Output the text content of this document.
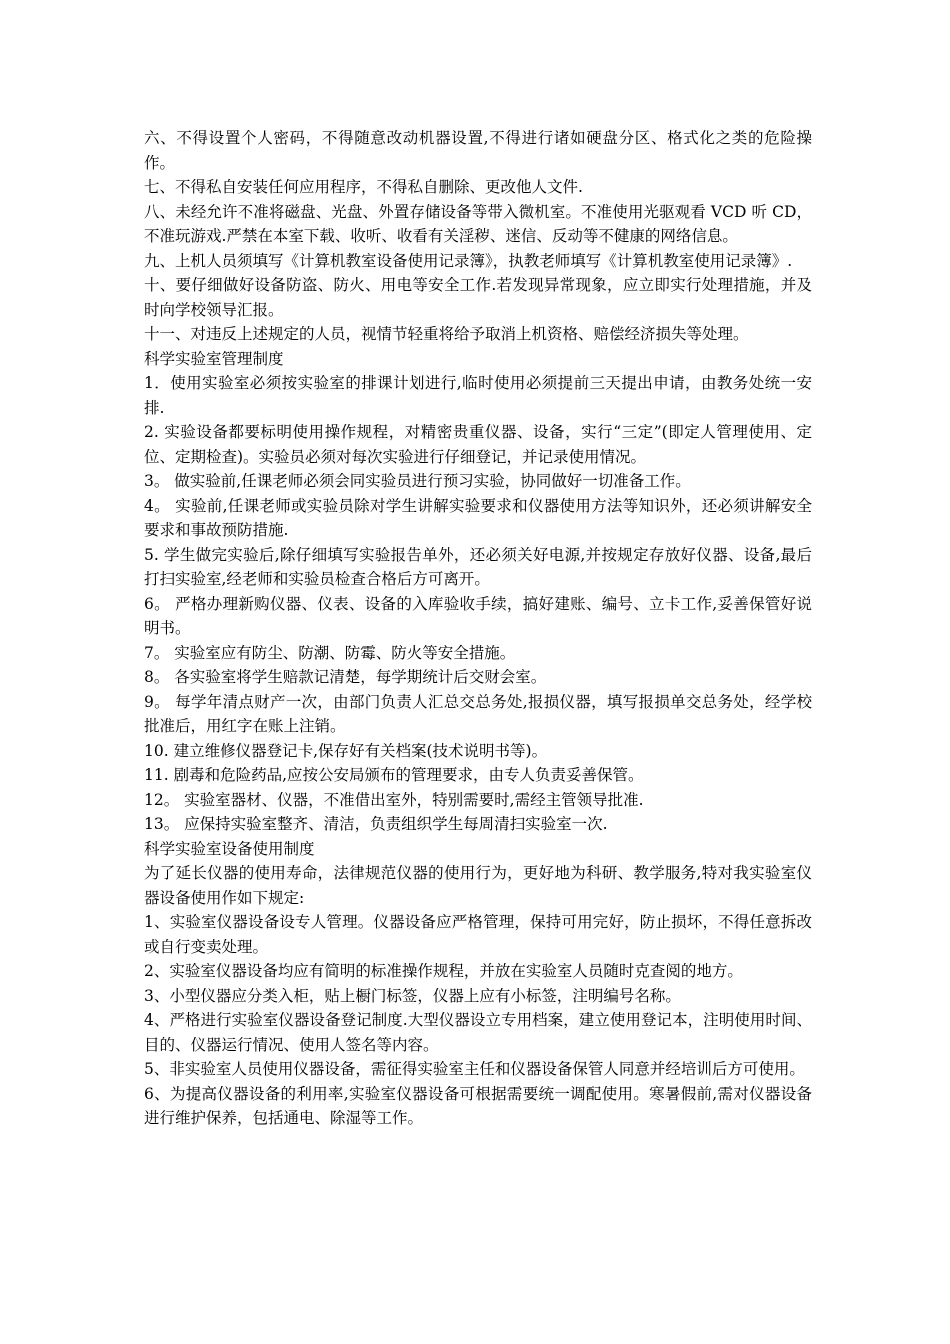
六、不得设置个人密码，不得随意改动机器设置,不得进行诸如硬盘分区、格式化之类的危险操作。

七、不得私自安装任何应用程序，不得私自删除、更改他人文件.

八、未经允许不准将磁盘、光盘、外置存储设备等带入微机室。不准使用光驱观看 VCD 听 CD，不准玩游戏.严禁在本室下载、收听、收看有关淫秽、迷信、反动等不健康的网络信息。

九、上机人员须填写《计算机教室设备使用记录簿》，执教老师填写《计算机教室使用记录簿》.

十、要仔细做好设备防盗、防火、用电等安全工作.若发现异常现象，应立即实行处理措施，并及时向学校领导汇报。

十一、对违反上述规定的人员，视情节轻重将给予取消上机资格、赔偿经济损失等处理。

科学实验室管理制度

1．使用实验室必须按实验室的排课计划进行,临时使用必须提前三天提出申请，由教务处统一安排.

2. 实验设备都要标明使用操作规程，对精密贵重仪器、设备，实行“三定”(即定人管理使用、定位、定期检查)。实验员必须对每次实验进行仔细登记，并记录使用情况。

3。 做实验前,任课老师必须会同实验员进行预习实验，协同做好一切准备工作。

4。 实验前,任课老师或实验员除对学生讲解实验要求和仪器使用方法等知识外，还必须讲解安全要求和事故预防措施.

5. 学生做完实验后,除仔细填写实验报告单外，还必须关好电源,并按规定存放好仪器、设备,最后打扫实验室,经老师和实验员检查合格后方可离开。

6。 严格办理新购仪器、仪表、设备的入库验收手续，搞好建账、编号、立卡工作,妥善保管好说明书。

7。 实验室应有防尘、防潮、防霉、防火等安全措施。

8。 各实验室将学生赔款记清楚，每学期统计后交财会室。

9。 每学年清点财产一次，由部门负责人汇总交总务处,报损仪器，填写报损单交总务处，经学校批准后，用红字在账上注销。

10. 建立维修仪器登记卡,保存好有关档案(技术说明书等)。

11. 剧毒和危险药品,应按公安局颁布的管理要求，由专人负责妥善保管。

12。 实验室器材、仪器，不准借出室外，特别需要时,需经主管领导批准.

13。 应保持实验室整齐、清洁，负责组织学生每周清扫实验室一次.

科学实验室设备使用制度

为了延长仪器的使用寿命，法律规范仪器的使用行为，更好地为科研、教学服务,特对我实验室仪器设备使用作如下规定:

1、实验室仪器设备设专人管理。仪器设备应严格管理，保持可用完好，防止损坏，不得任意拆改或自行变卖处理。

2、实验室仪器设备均应有简明的标准操作规程，并放在实验室人员随时克查阅的地方。

3、小型仪器应分类入柜，贴上橱门标签，仪器上应有小标签，注明编号名称。

4、严格进行实验室仪器设备登记制度.大型仪器设立专用档案，建立使用登记本，注明使用时间、目的、仪器运行情况、使用人签名等内容。

5、非实验室人员使用仪器设备，需征得实验室主任和仪器设备保管人同意并经培训后方可使用。

6、为提高仪器设备的利用率,实验室仪器设备可根据需要统一调配使用。寒暑假前,需对仪器设备进行维护保养，包括通电、除湿等工作。
